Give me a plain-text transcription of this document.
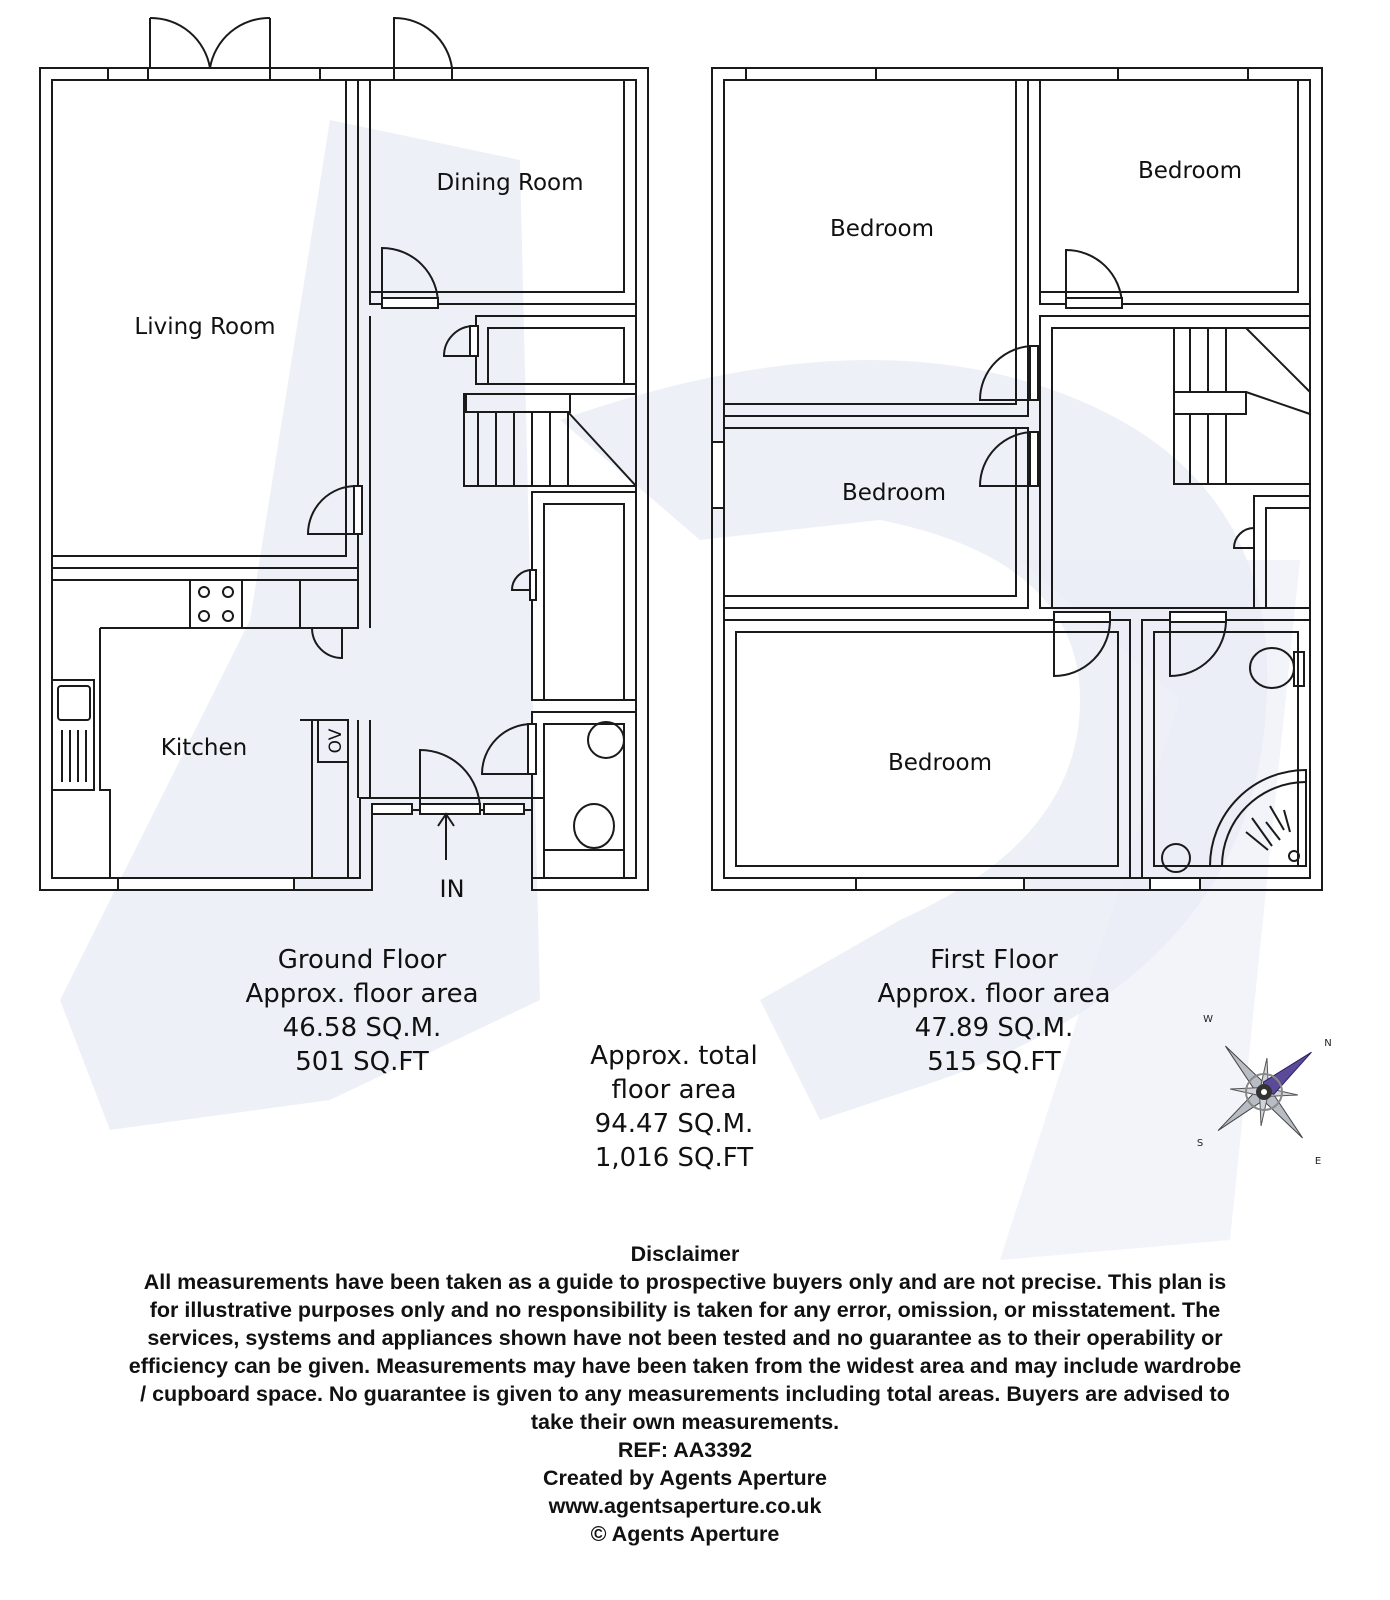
Living Room
Dining Room
Kitchen	OV
IN
Bedroom
Bedroom
Bedroom
Bedroom
Ground Floor
Approx. floor area
46.58 SQ.M.
501 SQ.FT
First Floor
Approx. floor area
47.89 SQ.M.
515 SQ.FT
Approx. total
floor area
94.47 SQ.M.
1,016 SQ.FT
N
E
S
W
Disclaimer
All measurements have been taken as a guide to prospective buyers only and are not precise. This plan is
for illustrative purposes only and no responsibility is taken for any error, omission, or misstatement. The
services, systems and appliances shown have not been tested and no guarantee as to their operability or
efficiency can be given. Measurements may have been taken from the widest area and may include wardrobe
/ cupboard space. No guarantee is given to any measurements including total areas. Buyers are advised to
take their own measurements.
REF: AA3392
Created by Agents Aperture
www.agentsaperture.co.uk
© Agents Aperture
